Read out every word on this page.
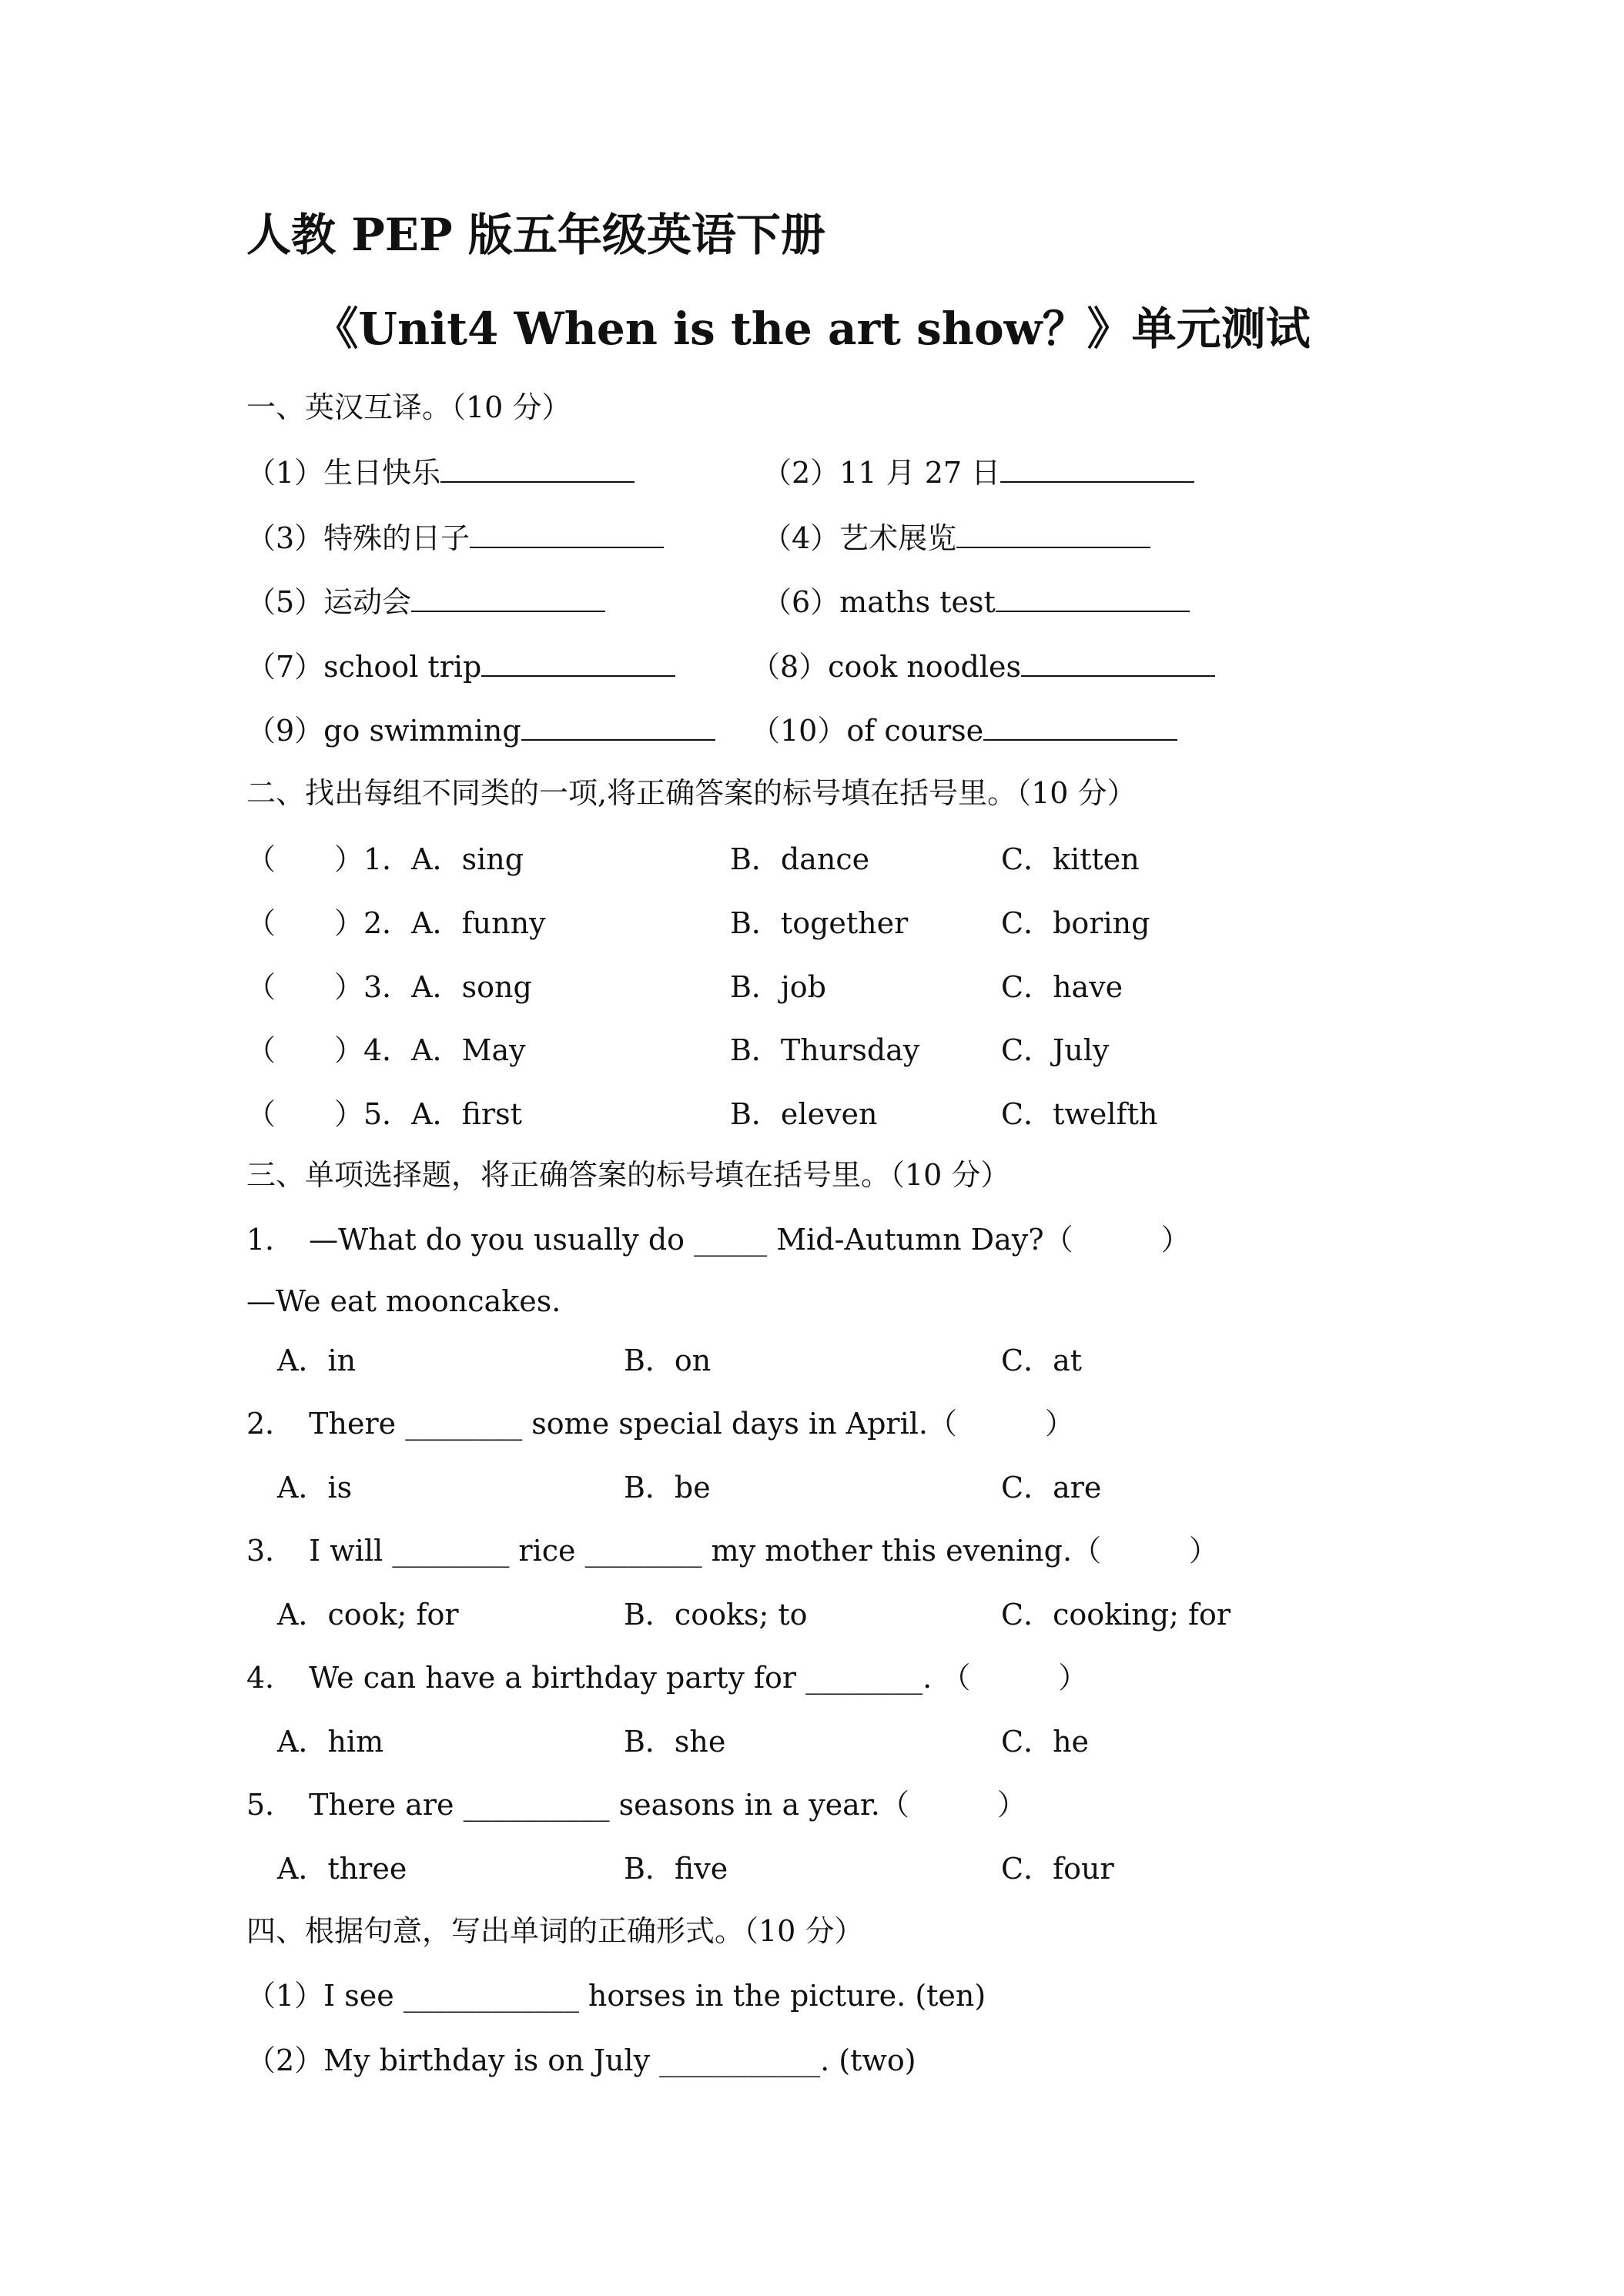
人教 PEP 版五年级英语下册
《Unit4 When is the art show？》单元测试
一、英汉互译。（10 分）
（1）生日快乐	（2）11 月 27 日
（3）特殊的日子	（4）艺术展览
（5）运动会	（6）maths test
（7）school trip	（8）cook noodles
（9）go swimming	（10）of course
二、找出每组不同类的一项,将正确答案的标号填在括号里。（10 分）
（　　）1．A．sing	B．dance	C．kitten
（　　）2．A．funny	B．together	C．boring
（　　）3．A．song	B．job	C．have
（　　）4．A．May	B．Thursday	C．July
（　　）5．A．first	B．eleven	C．twelfth
三、单项选择题，将正确答案的标号填在括号里。（10 分）
1．　—What do you usually do _____ Mid-Autumn Day?（　　　）
—We eat mooncakes.
A．in	B．on	C．at
2．　There ________ some special days in April.（　　　）
A．is	B．be	C．are
3．　I will ________ rice ________ my mother this evening.（　　　）
A．cook; for	B．cooks; to	C．cooking; for
4．　We can have a birthday party for ________. （　　　）
A．him	B．she	C．he
5．　There are __________ seasons in a year.（　　　）
A．three	B．five	C．four
四、根据句意，写出单词的正确形式。（10 分）
（1）I see ____________ horses in the picture. (ten)
（2）My birthday is on July ___________. (two)
